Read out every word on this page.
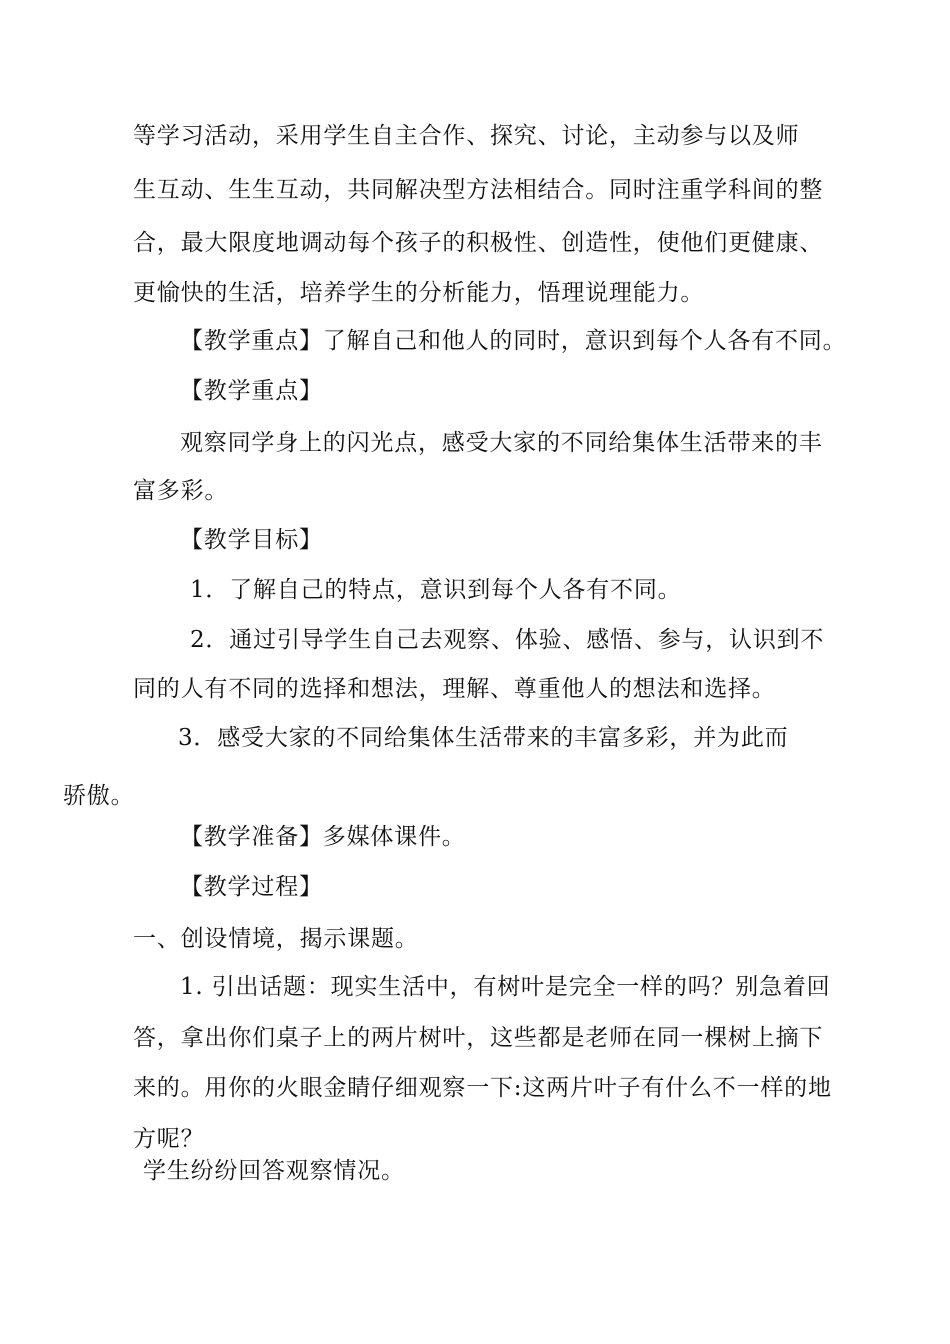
等学习活动，采用学生自主合作、探究、讨论，主动参与以及师
生互动、生生互动，共同解决型方法相结合。同时注重学科间的整
合，最大限度地调动每个孩子的积极性、创造性，使他们更健康、
更愉快的生活，培养学生的分析能力，悟理说理能力。
【教学重点】了解自己和他人的同时，意识到每个人各有不同。
【教学重点】
观察同学身上的闪光点，感受大家的不同给集体生活带来的丰
富多彩。
【教学目标】
1．了解自己的特点，意识到每个人各有不同。
2．通过引导学生自己去观察、体验、感悟、参与，认识到不
同的人有不同的选择和想法，理解、尊重他人的想法和选择。
3．感受大家的不同给集体生活带来的丰富多彩，并为此而
骄傲。
【教学准备】多媒体课件。
【教学过程】
一、创设情境，揭示课题。
1. 引出话题：现实生活中，有树叶是完全一样的吗？别急着回
答，拿出你们桌子上的两片树叶，这些都是老师在同一棵树上摘下
来的。用你的火眼金睛仔细观察一下:这两片叶子有什么不一样的地
方呢？
学生纷纷回答观察情况。
